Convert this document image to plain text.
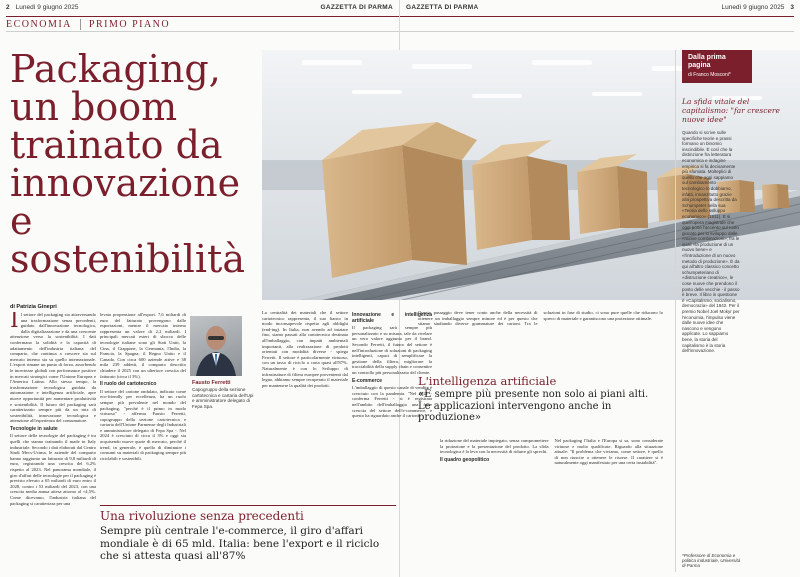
2 Lunedì 9 giugno 2025	GAZZETTA DI PARMA
ECONOMIA	PRIMO PIANO
Packaging, un boom trainato da innovazione e sostenibilità
di Patrizia Ginepri

Il settore del packaging sta attraversando una trasformazione senza precedenti, guidato dall'innovazione tecnologica, dalla digitalizzazione e da una crescente attenzione verso la sostenibilità. I dati confermano la solidità e la capacità di adattamento dell'industria italiana del comparto, che continua a crescere sia sul mercato interno sia su quello internazionale. L'export rimane un punto di forza, assorbendo le incertezze globali con performance positive in mercati strategici come l'Unione Europea e l'America Latina. Allo stesso tempo, la trasformazione tecnologica guidata da automazione e intelligenza artificiale, apre nuove opportunità per aumentare produttività e sostenibilità. Il futuro del packaging sarà caratterizzato sempre più da un mix di sostenibilità, innovazione tecnologica e attenzione all'esperienza del consumatore.

Tecnologie in salute

Il settore delle tecnologie del packaging è tra quelli che stanno trainando il made in Italy industriale. Secondo i dati elaborati dal Centro Studi Mecs-Ucima, le aziende del comparto hanno raggiunto un fatturato di 9,8 miliardi di euro, registrando una crescita del 6,2% rispetto al 2023. Nel panorama mondiale, il giro d'affari delle tecnologie per il packaging è previsto elevato a 65 miliardi di euro entro il 2028, contro i 53 miliardi del 2023, con una crescita media annua attesa attorno al +4,5%. Come dicevamo, l'industria italiana del packaging si caratterizza per una

levata propensione all'export. 7,6 miliardi di euro del fatturato provengono dalle esportazioni, mentre il mercato interno rappresenta un valore di 2,2 miliardi. I principali mercati esteri di sbocco delle tecnologie italiane sono gli Stati Uniti, la Cina, il Giappone, la Germania, l'India, la Francia, la Spagna, il Regno Unito e il Canada. Con circa 600 aziende attive e 38 mila 239 addetti, il comparto descritto chiudere il 2025 con un ulteriore crescita del fatturato (circa il 3%).

Il ruolo del cartotecnico

Il settore del cartone ondulato, indicato come eco-friendly per eccellenza, ha un ruolo sempre più prevalente nel mondo del packaging, "perché è il primo in modo virtuoso" - afferma Fausto Ferretti, capogruppo della sezione cartotecnica e cartaria dell'Unione Parmense degli Industriali e amministratore delegato di Fepa Spa -. Nel 2024 è cresciuto di circa il 3% e oggi sta acquisendo nuove quote di mercato, perché il trend, in generale, è quello di diminuire i consumi su materiali di packaging sempre più riciclabili e sostenibili.

Fausto Ferretti
Capogruppo della sezione cartotecnica e cartaria dell'Upi e amministratore delegato di Fepa Spa.
Una rivoluzione senza precedenti
Sempre più centrale l'e-commerce, il giro d'affari mondiale è di 65 mld. Italia: bene l'export e il riciclo che si attesta quasi all'87%
GAZZETTA DI PARMA	Lunedì 9 giugno 2025 3

La centralità dei materiali che il settore cartotecnico rappresenta, il suo fianco in modo inconsapevole rispetto agli obblighi (end-ing). In Italia, non avendo ad iniziare fino, siamo passati alla cartotecnica destinata all'imballaggio, con impatti ambientali importanti, alla realizzazione di prodotti orientati con modalità diverse - spiega Ferretti. Il settore è particolarmente virtuoso, con un tasso di riciclo a carta quasi all'87%. Naturalmente è con lo Sviluppo di infrastrutture di filiera europee provenienti dal legno, abbiamo sempre recuperato il materiale per mantenere la qualità dei prodotti.

Innovazione e intelligenza artificiale

Il packaging sarà sempre più personalizzato e su misura, tale da rivelare un vero valore aggiunto per il brand. Secondo Ferretti, il futuro del settore è nell'introduzione di soluzioni di packaging intelligenti, capaci di semplificare la gestione della filiera, migliorare la tracciabilità della supply chain e consentire un controllo più personalizzato del cliente.

E-commerce

L'imballaggio di questo canale di vendita è cresciuto con la pandemia. "Nel 2021 - conferma Ferretti - si è registrata nell'ambito dell'imballaggio una forte crescita del settore dell'e-commerce, e questo ha riguardato anche il cartone.

Questo passaggio deve tener conto anche della necessità di ottenere un imballaggio sempre minore ed è per questo che stiamo studiando diverse grammature dei cartoni. Tra le soluzioni in fase di studio, ci sono pure quelle che riducono lo spreco di materiale e garantiscono una protezione ottimale.

L'intelligenza artificiale
«È sempre più presente non solo ai piani alti. Le applicazioni intervengono anche in produzione»

la riduzione del materiale impiegato, senza compromettere la protezione e la presentazione del prodotto. La sfida tecnologica è la leva con la necessità di ridurre gli sprechi.

Il quadro geopolitico

Nel packaging l'Italia e l'Europa si sa, sono considerate virtuose e molto qualificate. Riguardo alla situazione attuale: "Il problema che viviamo, come settore, è quello di non riuscire a ottenere le risorse. Il carattere si è naturalmente oggi manifestato per una certa instabilità".

Dalla prima pagina
di Franco Mosconi*
La sfida vitale del capitalismo: "far crescere nuove idee"
Quando si scrive sulle specifiche teorie e prassi formano un binomio inscindibile. È così che la distinzione fra letteratura economica e indagine empirica si fa decisamente più sfumata. Molteplici di quello che oggi sappiamo sul cambiamento tecnologico lo dobbiamo, infatti, innanzitutto grazie alla prospettiva descritta da Schumpeter nella sua «Teoria dello sviluppo economico» (1911). E si quell'opera magistrale che oggi pone l'accento sul ruolo giocato per lo sviluppo dalle «nuove combinazioni», fra le quali «la produzione di un nuovo bene» e «l'introduzione di un nuovo metodo di produzione». È da qui all'altro classico concetto schumpeteriano di «distruzione creatrice», le cose nuove che prendono il posto delle vecchie - il passo è breve. Il libro in questione è «Capitalismo, socialismo, democrazia» del 1942. Per il premio Nobel Joel Mokyr per l'economia, l'impulso viene dalle nuove idee che nascono e vengono applicate. Lo sappiamo bene, la storia del capitalismo è la storia dell'innovazione.
*Professore di Economia e politica industriale, Università di Parma
